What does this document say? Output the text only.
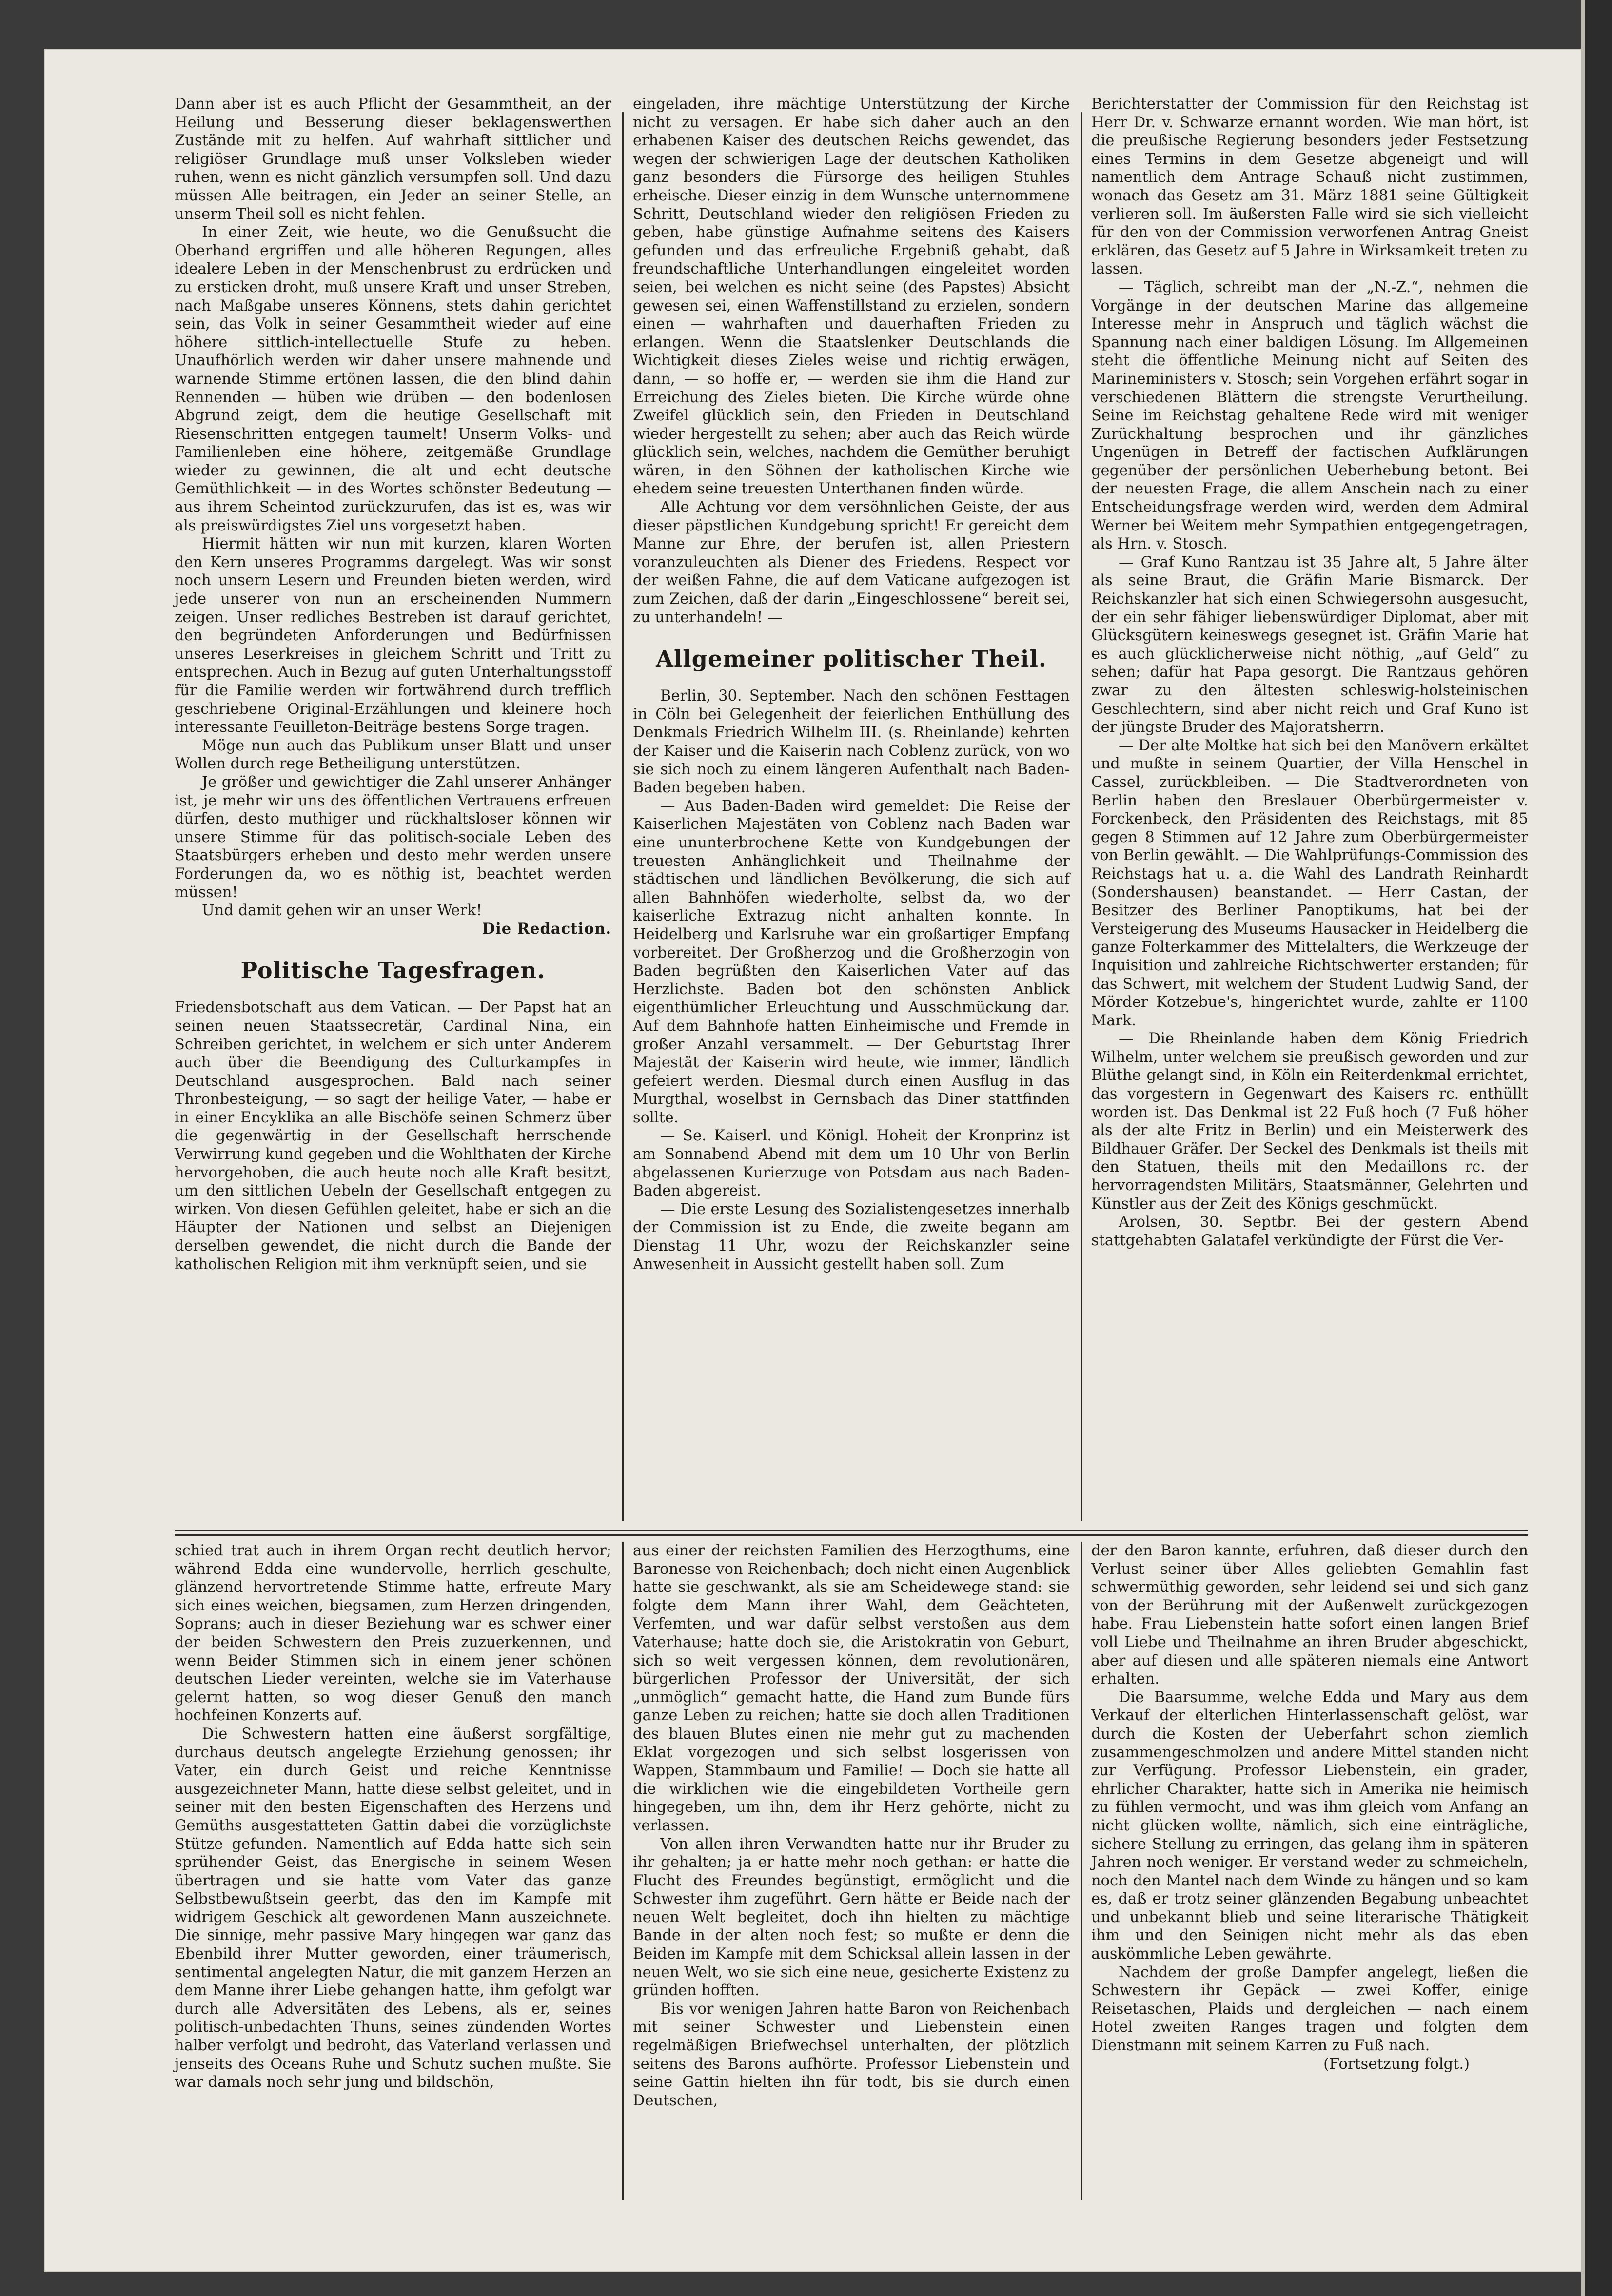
Dann aber ist es auch Pflicht der Gesammtheit, an der Heilung und Besserung dieser beklagenswerthen Zustände mit zu helfen. Auf wahrhaft sittlicher und religiöser Grundlage muß unser Volksleben wieder ruhen, wenn es nicht gänzlich versumpfen soll. Und dazu müssen Alle beitragen, ein Jeder an seiner Stelle, an unserm Theil soll es nicht fehlen.

In einer Zeit, wie heute, wo die Genußsucht die Oberhand ergriffen und alle höheren Regungen, alles idealere Leben in der Menschenbrust zu erdrücken und zu ersticken droht, muß unsere Kraft und unser Streben, nach Maßgabe unseres Könnens, stets dahin gerichtet sein, das Volk in seiner Gesammtheit wieder auf eine höhere sittlich-intellectuelle Stufe zu heben. Unaufhörlich werden wir daher unsere mahnende und warnende Stimme ertönen lassen, die den blind dahin Rennenden — hüben wie drüben — den bodenlosen Abgrund zeigt, dem die heutige Gesellschaft mit Riesenschritten entgegen taumelt! Unserm Volks- und Familienleben eine höhere, zeitgemäße Grundlage wieder zu gewinnen, die alt und echt deutsche Gemüthlichkeit — in des Wortes schönster Bedeutung — aus ihrem Scheintod zurückzurufen, das ist es, was wir als preiswürdigstes Ziel uns vorgesetzt haben.

Hiermit hätten wir nun mit kurzen, klaren Worten den Kern unseres Programms dargelegt. Was wir sonst noch unsern Lesern und Freunden bieten werden, wird jede unserer von nun an erscheinenden Nummern zeigen. Unser redliches Bestreben ist darauf gerichtet, den begründeten Anforderungen und Bedürfnissen unseres Leserkreises in gleichem Schritt und Tritt zu entsprechen. Auch in Bezug auf guten Unterhaltungsstoff für die Familie werden wir fortwährend durch trefflich geschriebene Original-Erzählungen und kleinere hoch interessante Feuilleton-Beiträge bestens Sorge tragen.

Möge nun auch das Publikum unser Blatt und unser Wollen durch rege Betheiligung unterstützen.

Je größer und gewichtiger die Zahl unserer Anhänger ist, je mehr wir uns des öffentlichen Vertrauens erfreuen dürfen, desto muthiger und rückhaltsloser können wir unsere Stimme für das politisch-sociale Leben des Staatsbürgers erheben und desto mehr werden unsere Forderungen da, wo es nöthig ist, beachtet werden müssen!

Und damit gehen wir an unser Werk!

Die Redaction.

Politische Tagesfragen.

Friedensbotschaft aus dem Vatican. — Der Papst hat an seinen neuen Staatssecretär, Cardinal Nina, ein Schreiben gerichtet, in welchem er sich unter Anderem auch über die Beendigung des Culturkampfes in Deutschland ausgesprochen. Bald nach seiner Thronbesteigung, — so sagt der heilige Vater, — habe er in einer Encyklika an alle Bischöfe seinen Schmerz über die gegenwärtig in der Gesellschaft herrschende Verwirrung kund gegeben und die Wohlthaten der Kirche hervorgehoben, die auch heute noch alle Kraft besitzt, um den sittlichen Uebeln der Gesellschaft entgegen zu wirken. Von diesen Gefühlen geleitet, habe er sich an die Häupter der Nationen und selbst an Diejenigen derselben gewendet, die nicht durch die Bande der katholischen Religion mit ihm verknüpft seien, und sie

eingeladen, ihre mächtige Unterstützung der Kirche nicht zu versagen. Er habe sich daher auch an den erhabenen Kaiser des deutschen Reichs gewendet, das wegen der schwierigen Lage der deutschen Katholiken ganz besonders die Fürsorge des heiligen Stuhles erheische. Dieser einzig in dem Wunsche unternommene Schritt, Deutschland wieder den religiösen Frieden zu geben, habe günstige Aufnahme seitens des Kaisers gefunden und das erfreuliche Ergebniß gehabt, daß freundschaftliche Unterhandlungen eingeleitet worden seien, bei welchen es nicht seine (des Papstes) Absicht gewesen sei, einen Waffenstillstand zu erzielen, sondern einen — wahrhaften und dauerhaften Frieden zu erlangen. Wenn die Staatslenker Deutschlands die Wichtigkeit dieses Zieles weise und richtig erwägen, dann, — so hoffe er, — werden sie ihm die Hand zur Erreichung des Zieles bieten. Die Kirche würde ohne Zweifel glücklich sein, den Frieden in Deutschland wieder hergestellt zu sehen; aber auch das Reich würde glücklich sein, welches, nachdem die Gemüther beruhigt wären, in den Söhnen der katholischen Kirche wie ehedem seine treuesten Unterthanen finden würde.

Alle Achtung vor dem versöhnlichen Geiste, der aus dieser päpstlichen Kundgebung spricht! Er gereicht dem Manne zur Ehre, der berufen ist, allen Priestern voranzuleuchten als Diener des Friedens. Respect vor der weißen Fahne, die auf dem Vaticane aufgezogen ist zum Zeichen, daß der darin „Eingeschlossene“ bereit sei, zu unterhandeln! —

Allgemeiner politischer Theil.

Berlin, 30. September. Nach den schönen Festtagen in Cöln bei Gelegenheit der feierlichen Enthüllung des Denkmals Friedrich Wilhelm III. (s. Rheinlande) kehrten der Kaiser und die Kaiserin nach Coblenz zurück, von wo sie sich noch zu einem längeren Aufenthalt nach Baden-Baden begeben haben.

— Aus Baden-Baden wird gemeldet: Die Reise der Kaiserlichen Majestäten von Coblenz nach Baden war eine ununterbrochene Kette von Kundgebungen der treuesten Anhänglichkeit und Theilnahme der städtischen und ländlichen Bevölkerung, die sich auf allen Bahnhöfen wiederholte, selbst da, wo der kaiserliche Extrazug nicht anhalten konnte. In Heidelberg und Karlsruhe war ein großartiger Empfang vorbereitet. Der Großherzog und die Großherzogin von Baden begrüßten den Kaiserlichen Vater auf das Herzlichste. Baden bot den schönsten Anblick eigenthümlicher Erleuchtung und Ausschmückung dar. Auf dem Bahnhofe hatten Einheimische und Fremde in großer Anzahl versammelt. — Der Geburtstag Ihrer Majestät der Kaiserin wird heute, wie immer, ländlich gefeiert werden. Diesmal durch einen Ausflug in das Murgthal, woselbst in Gernsbach das Diner stattfinden sollte.

— Se. Kaiserl. und Königl. Hoheit der Kronprinz ist am Sonnabend Abend mit dem um 10 Uhr von Berlin abgelassenen Kurierzuge von Potsdam aus nach Baden-Baden abgereist.

— Die erste Lesung des Sozialistengesetzes innerhalb der Commission ist zu Ende, die zweite begann am Dienstag 11 Uhr, wozu der Reichskanzler seine Anwesenheit in Aussicht gestellt haben soll. Zum

Berichterstatter der Commission für den Reichstag ist Herr Dr. v. Schwarze ernannt worden. Wie man hört, ist die preußische Regierung besonders jeder Festsetzung eines Termins in dem Gesetze abgeneigt und will namentlich dem Antrage Schauß nicht zustimmen, wonach das Gesetz am 31. März 1881 seine Gültigkeit verlieren soll. Im äußersten Falle wird sie sich vielleicht für den von der Commission verworfenen Antrag Gneist erklären, das Gesetz auf 5 Jahre in Wirksamkeit treten zu lassen.

— Täglich, schreibt man der „N.-Z.“, nehmen die Vorgänge in der deutschen Marine das allgemeine Interesse mehr in Anspruch und täglich wächst die Spannung nach einer baldigen Lösung. Im Allgemeinen steht die öffentliche Meinung nicht auf Seiten des Marineministers v. Stosch; sein Vorgehen erfährt sogar in verschiedenen Blättern die strengste Verurtheilung. Seine im Reichstag gehaltene Rede wird mit weniger Zurückhaltung besprochen und ihr gänzliches Ungenügen in Betreff der factischen Aufklärungen gegenüber der persönlichen Ueberhebung betont. Bei der neuesten Frage, die allem Anschein nach zu einer Entscheidungsfrage werden wird, werden dem Admiral Werner bei Weitem mehr Sympathien entgegengetragen, als Hrn. v. Stosch.

— Graf Kuno Rantzau ist 35 Jahre alt, 5 Jahre älter als seine Braut, die Gräfin Marie Bismarck. Der Reichskanzler hat sich einen Schwiegersohn ausgesucht, der ein sehr fähiger liebenswürdiger Diplomat, aber mit Glücksgütern keineswegs gesegnet ist. Gräfin Marie hat es auch glücklicherweise nicht nöthig, „auf Geld“ zu sehen; dafür hat Papa gesorgt. Die Rantzaus gehören zwar zu den ältesten schleswig-holsteinischen Geschlechtern, sind aber nicht reich und Graf Kuno ist der jüngste Bruder des Majoratsherrn.

— Der alte Moltke hat sich bei den Manövern erkältet und mußte in seinem Quartier, der Villa Henschel in Cassel, zurückbleiben. — Die Stadtverordneten von Berlin haben den Breslauer Oberbürgermeister v. Forckenbeck, den Präsidenten des Reichstags, mit 85 gegen 8 Stimmen auf 12 Jahre zum Oberbürgermeister von Berlin gewählt. — Die Wahlprüfungs-Commission des Reichstags hat u. a. die Wahl des Landrath Reinhardt (Sondershausen) beanstandet. — Herr Castan, der Besitzer des Berliner Panoptikums, hat bei der Versteigerung des Museums Hausacker in Heidelberg die ganze Folterkammer des Mittelalters, die Werkzeuge der Inquisition und zahlreiche Richtschwerter erstanden; für das Schwert, mit welchem der Student Ludwig Sand, der Mörder Kotzebue's, hingerichtet wurde, zahlte er 1100 Mark.

— Die Rheinlande haben dem König Friedrich Wilhelm, unter welchem sie preußisch geworden und zur Blüthe gelangt sind, in Köln ein Reiterdenkmal errichtet, das vorgestern in Gegenwart des Kaisers rc. enthüllt worden ist. Das Denkmal ist 22 Fuß hoch (7 Fuß höher als der alte Fritz in Berlin) und ein Meisterwerk des Bildhauer Gräfer. Der Seckel des Denkmals ist theils mit den Statuen, theils mit den Medaillons rc. der hervorragendsten Militärs, Staatsmänner, Gelehrten und Künstler aus der Zeit des Königs geschmückt.

Arolsen, 30. Septbr. Bei der gestern Abend stattgehabten Galatafel verkündigte der Fürst die Ver-

schied trat auch in ihrem Organ recht deutlich hervor; während Edda eine wundervolle, herrlich geschulte, glänzend hervortretende Stimme hatte, erfreute Mary sich eines weichen, biegsamen, zum Herzen dringenden, Soprans; auch in dieser Beziehung war es schwer einer der beiden Schwestern den Preis zuzuerkennen, und wenn Beider Stimmen sich in einem jener schönen deutschen Lieder vereinten, welche sie im Vaterhause gelernt hatten, so wog dieser Genuß den manch hochfeinen Konzerts auf.

Die Schwestern hatten eine äußerst sorgfältige, durchaus deutsch angelegte Erziehung genossen; ihr Vater, ein durch Geist und reiche Kenntnisse ausgezeichneter Mann, hatte diese selbst geleitet, und in seiner mit den besten Eigenschaften des Herzens und Gemüths ausgestatteten Gattin dabei die vorzüglichste Stütze gefunden. Namentlich auf Edda hatte sich sein sprühender Geist, das Energische in seinem Wesen übertragen und sie hatte vom Vater das ganze Selbstbewußtsein geerbt, das den im Kampfe mit widrigem Geschick alt gewordenen Mann auszeichnete. Die sinnige, mehr passive Mary hingegen war ganz das Ebenbild ihrer Mutter geworden, einer träumerisch, sentimental angelegten Natur, die mit ganzem Herzen an dem Manne ihrer Liebe gehangen hatte, ihm gefolgt war durch alle Adversitäten des Lebens, als er, seines politisch-unbedachten Thuns, seines zündenden Wortes halber verfolgt und bedroht, das Vaterland verlassen und jenseits des Oceans Ruhe und Schutz suchen mußte. Sie war damals noch sehr jung und bildschön,

aus einer der reichsten Familien des Herzogthums, eine Baronesse von Reichenbach; doch nicht einen Augenblick hatte sie geschwankt, als sie am Scheidewege stand: sie folgte dem Mann ihrer Wahl, dem Geächteten, Verfemten, und war dafür selbst verstoßen aus dem Vaterhause; hatte doch sie, die Aristokratin von Geburt, sich so weit vergessen können, dem revolutionären, bürgerlichen Professor der Universität, der sich „unmöglich“ gemacht hatte, die Hand zum Bunde fürs ganze Leben zu reichen; hatte sie doch allen Traditionen des blauen Blutes einen nie mehr gut zu machenden Eklat vorgezogen und sich selbst losgerissen von Wappen, Stammbaum und Familie! — Doch sie hatte all die wirklichen wie die eingebildeten Vortheile gern hingegeben, um ihn, dem ihr Herz gehörte, nicht zu verlassen.

Von allen ihren Verwandten hatte nur ihr Bruder zu ihr gehalten; ja er hatte mehr noch gethan: er hatte die Flucht des Freundes begünstigt, ermöglicht und die Schwester ihm zugeführt. Gern hätte er Beide nach der neuen Welt begleitet, doch ihn hielten zu mächtige Bande in der alten noch fest; so mußte er denn die Beiden im Kampfe mit dem Schicksal allein lassen in der neuen Welt, wo sie sich eine neue, gesicherte Existenz zu gründen hofften.

Bis vor wenigen Jahren hatte Baron von Reichenbach mit seiner Schwester und Liebenstein einen regelmäßigen Briefwechsel unterhalten, der plötzlich seitens des Barons aufhörte. Professor Liebenstein und seine Gattin hielten ihn für todt, bis sie durch einen Deutschen,

der den Baron kannte, erfuhren, daß dieser durch den Verlust seiner über Alles geliebten Gemahlin fast schwermüthig geworden, sehr leidend sei und sich ganz von der Berührung mit der Außenwelt zurückgezogen habe. Frau Liebenstein hatte sofort einen langen Brief voll Liebe und Theilnahme an ihren Bruder abgeschickt, aber auf diesen und alle späteren niemals eine Antwort erhalten.

Die Baarsumme, welche Edda und Mary aus dem Verkauf der elterlichen Hinterlassenschaft gelöst, war durch die Kosten der Ueberfahrt schon ziemlich zusammengeschmolzen und andere Mittel standen nicht zur Verfügung. Professor Liebenstein, ein grader, ehrlicher Charakter, hatte sich in Amerika nie heimisch zu fühlen vermocht, und was ihm gleich vom Anfang an nicht glücken wollte, nämlich, sich eine einträgliche, sichere Stellung zu erringen, das gelang ihm in späteren Jahren noch weniger. Er verstand weder zu schmeicheln, noch den Mantel nach dem Winde zu hängen und so kam es, daß er trotz seiner glänzenden Begabung unbeachtet und unbekannt blieb und seine literarische Thätigkeit ihm und den Seinigen nicht mehr als das eben auskömmliche Leben gewährte.

Nachdem der große Dampfer angelegt, ließen die Schwestern ihr Gepäck — zwei Koffer, einige Reisetaschen, Plaids und dergleichen — nach einem Hotel zweiten Ranges tragen und folgten dem Dienstmann mit seinem Karren zu Fuß nach.

(Fortsetzung folgt.)
